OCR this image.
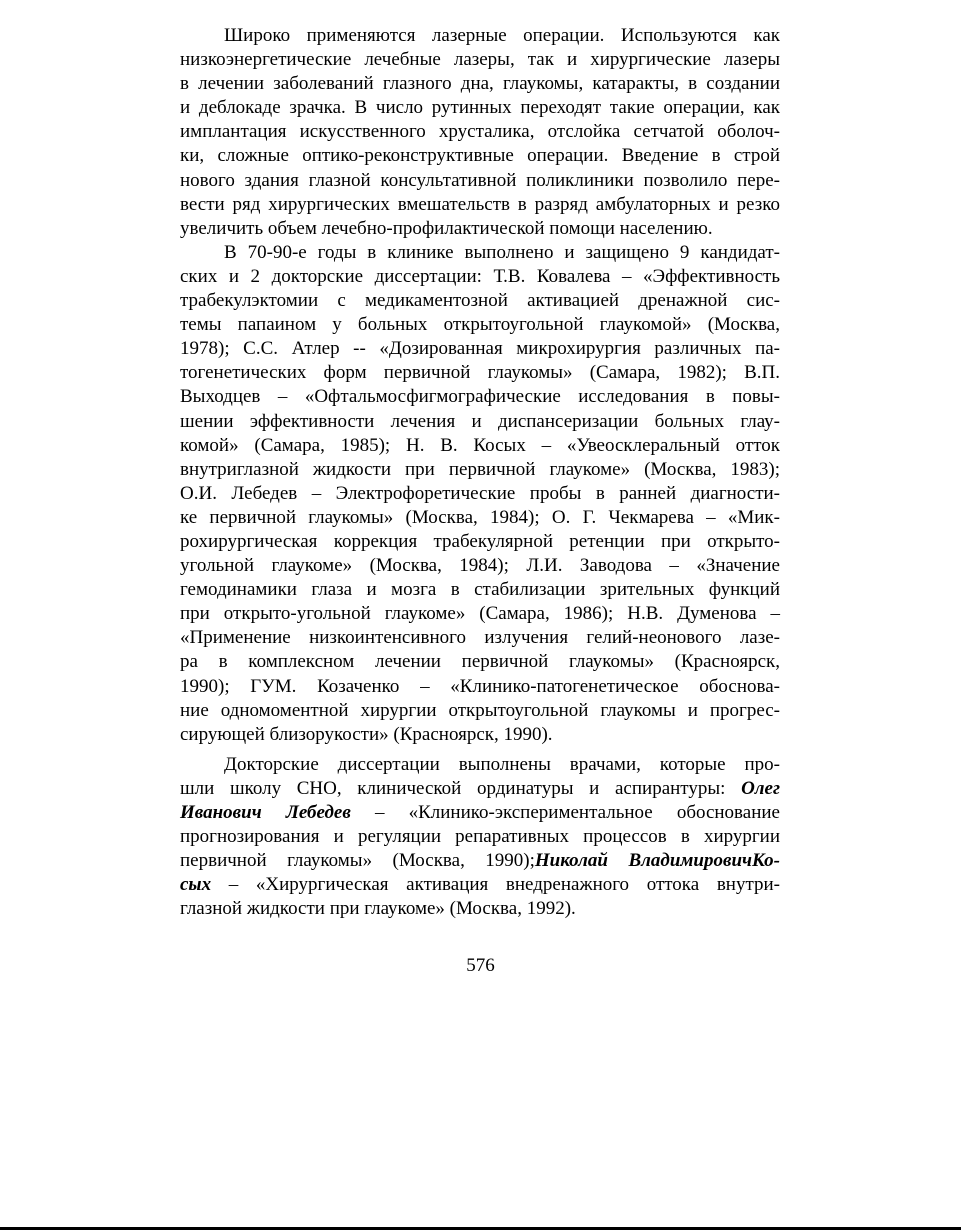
Широко применяются лазерные операции. Используются как
низкоэнергетические лечебные лазеры, так и хирургические лазеры
в лечении заболеваний глазного дна, глаукомы, катаракты, в создании
и деблокаде зрачка. В число рутинных переходят такие операции, как
имплантация искусственного хрусталика, отслойка сетчатой оболоч-
ки, сложные оптико-реконструктивные операции. Введение в строй
нового здания глазной консультативной поликлиники позволило пере-
вести ряд хирургических вмешательств в разряд амбулаторных и резко
увеличить объем лечебно-профилактической помощи населению.
В 70-90-е годы в клинике выполнено и защищено 9 кандидат-
ских и 2 докторские диссертации: Т.В. Ковалева – «Эффективность
трабекулэктомии с медикаментозной активацией дренажной сис-
темы папаином у больных открытоугольной глаукомой» (Москва,
1978); С.С. Атлер -- «Дозированная микрохирургия различных па-
тогенетических форм первичной глаукомы» (Самара, 1982); В.П.
Выходцев – «Офтальмосфигмографические исследования в повы-
шении эффективности лечения и диспансеризации больных глау-
комой» (Самара, 1985); Н. В. Косых – «Увеосклеральный отток
внутриглазной жидкости при первичной глаукоме» (Москва, 1983);
О.И. Лебедев – Электрофоретические пробы в ранней диагности-
ке первичной глаукомы» (Москва, 1984); О. Г. Чекмарева – «Мик-
рохирургическая коррекция трабекулярной ретенции при открыто-
угольной глаукоме» (Москва, 1984); Л.И. Заводова – «Значение
гемодинамики глаза и мозга в стабилизации зрительных функций
при открыто-угольной глаукоме» (Самара, 1986); Н.В. Думенова –
«Применение низкоинтенсивного излучения гелий-неонового лазе-
ра в комплексном лечении первичной глаукомы» (Красноярск,
1990); ГУМ. Козаченко – «Клинико-патогенетическое обоснова-
ние одномоментной хирургии открытоугольной глаукомы и прогрес-
сирующей близорукости» (Красноярск, 1990).
Докторские диссертации выполнены врачами, которые про-
шли школу СНО, клинической ординатуры и аспирантуры: Олег
Иванович Лебедев – «Клинико-экспериментальное обоснование
прогнозирования и регуляции репаративных процессов в хирургии
первичной глаукомы» (Москва, 1990);Николай ВладимировичКо-
сых – «Хирургическая активация внедренажного оттока внутри-
глазной жидкости при глаукоме» (Москва, 1992).
576
